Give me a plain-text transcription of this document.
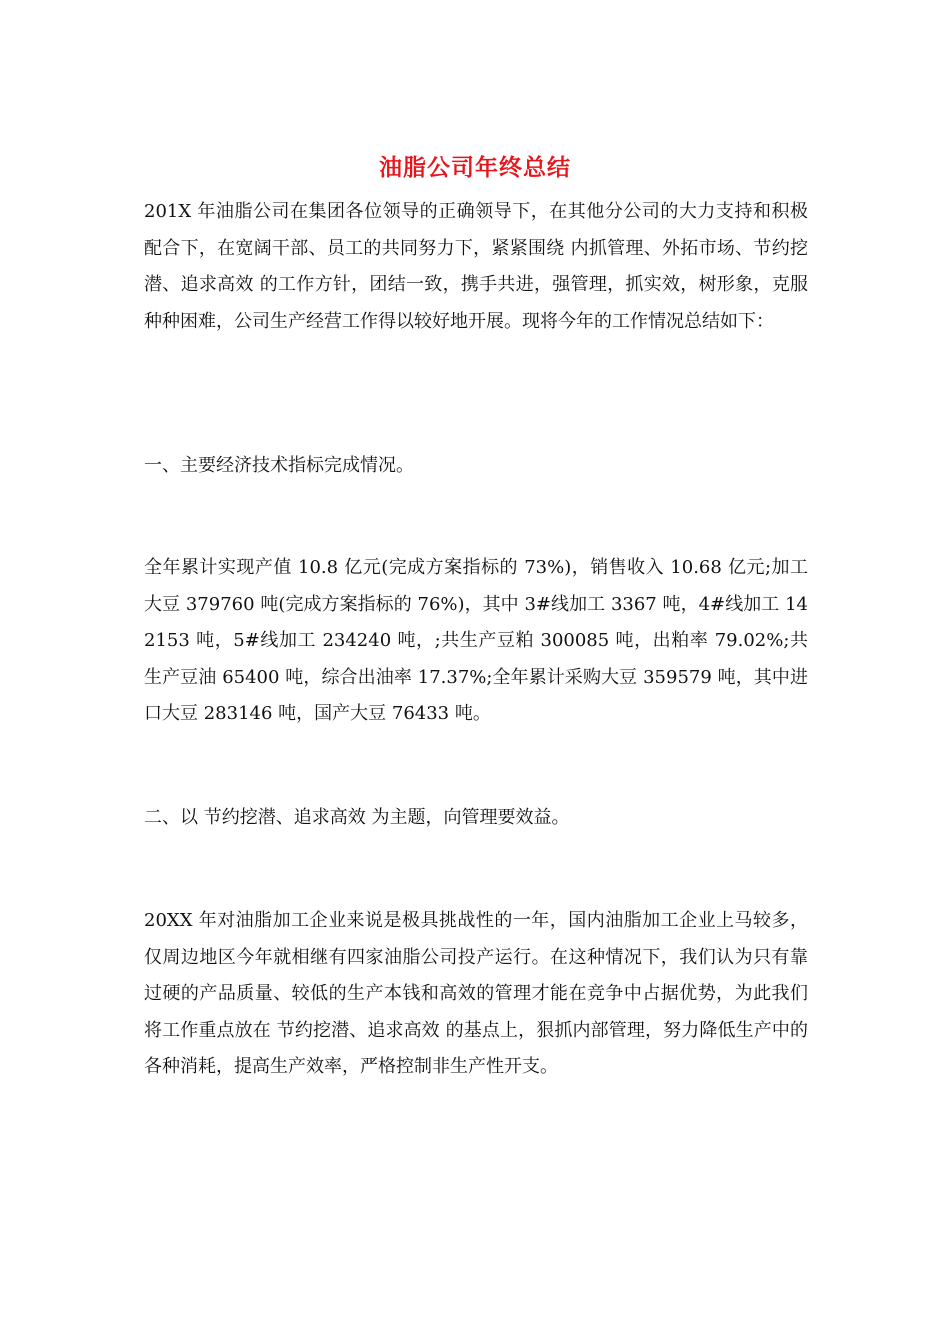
油脂公司年终总结

201X 年油脂公司在集团各位领导的正确领导下，在其他分公司的大力支持和积极配合下，在宽阔干部、员工的共同努力下，紧紧围绕 内抓管理、外拓市场、节约挖潜、追求高效 的工作方针，团结一致，携手共进，强管理，抓实效，树形象，克服种种困难，公司生产经营工作得以较好地开展。现将今年的工作情况总结如下：

一、主要经济技术指标完成情况。

全年累计实现产值 10.8 亿元(完成方案指标的 73%)，销售收入 10.68 亿元;加工大豆 379760 吨(完成方案指标的 76%)，其中 3#线加工 3367 吨，4#线加工 142153 吨，5#线加工 234240 吨，;共生产豆粕 300085 吨，出粕率 79.02%;共生产豆油 65400 吨，综合出油率 17.37%;全年累计采购大豆 359579 吨，其中进口大豆 283146 吨，国产大豆 76433 吨。

二、以 节约挖潜、追求高效 为主题，向管理要效益。

20XX 年对油脂加工企业来说是极具挑战性的一年，国内油脂加工企业上马较多，仅周边地区今年就相继有四家油脂公司投产运行。在这种情况下，我们认为只有靠过硬的产品质量、较低的生产本钱和高效的管理才能在竞争中占据优势，为此我们将工作重点放在 节约挖潜、追求高效 的基点上，狠抓内部管理，努力降低生产中的各种消耗，提高生产效率，严格控制非生产性开支。
